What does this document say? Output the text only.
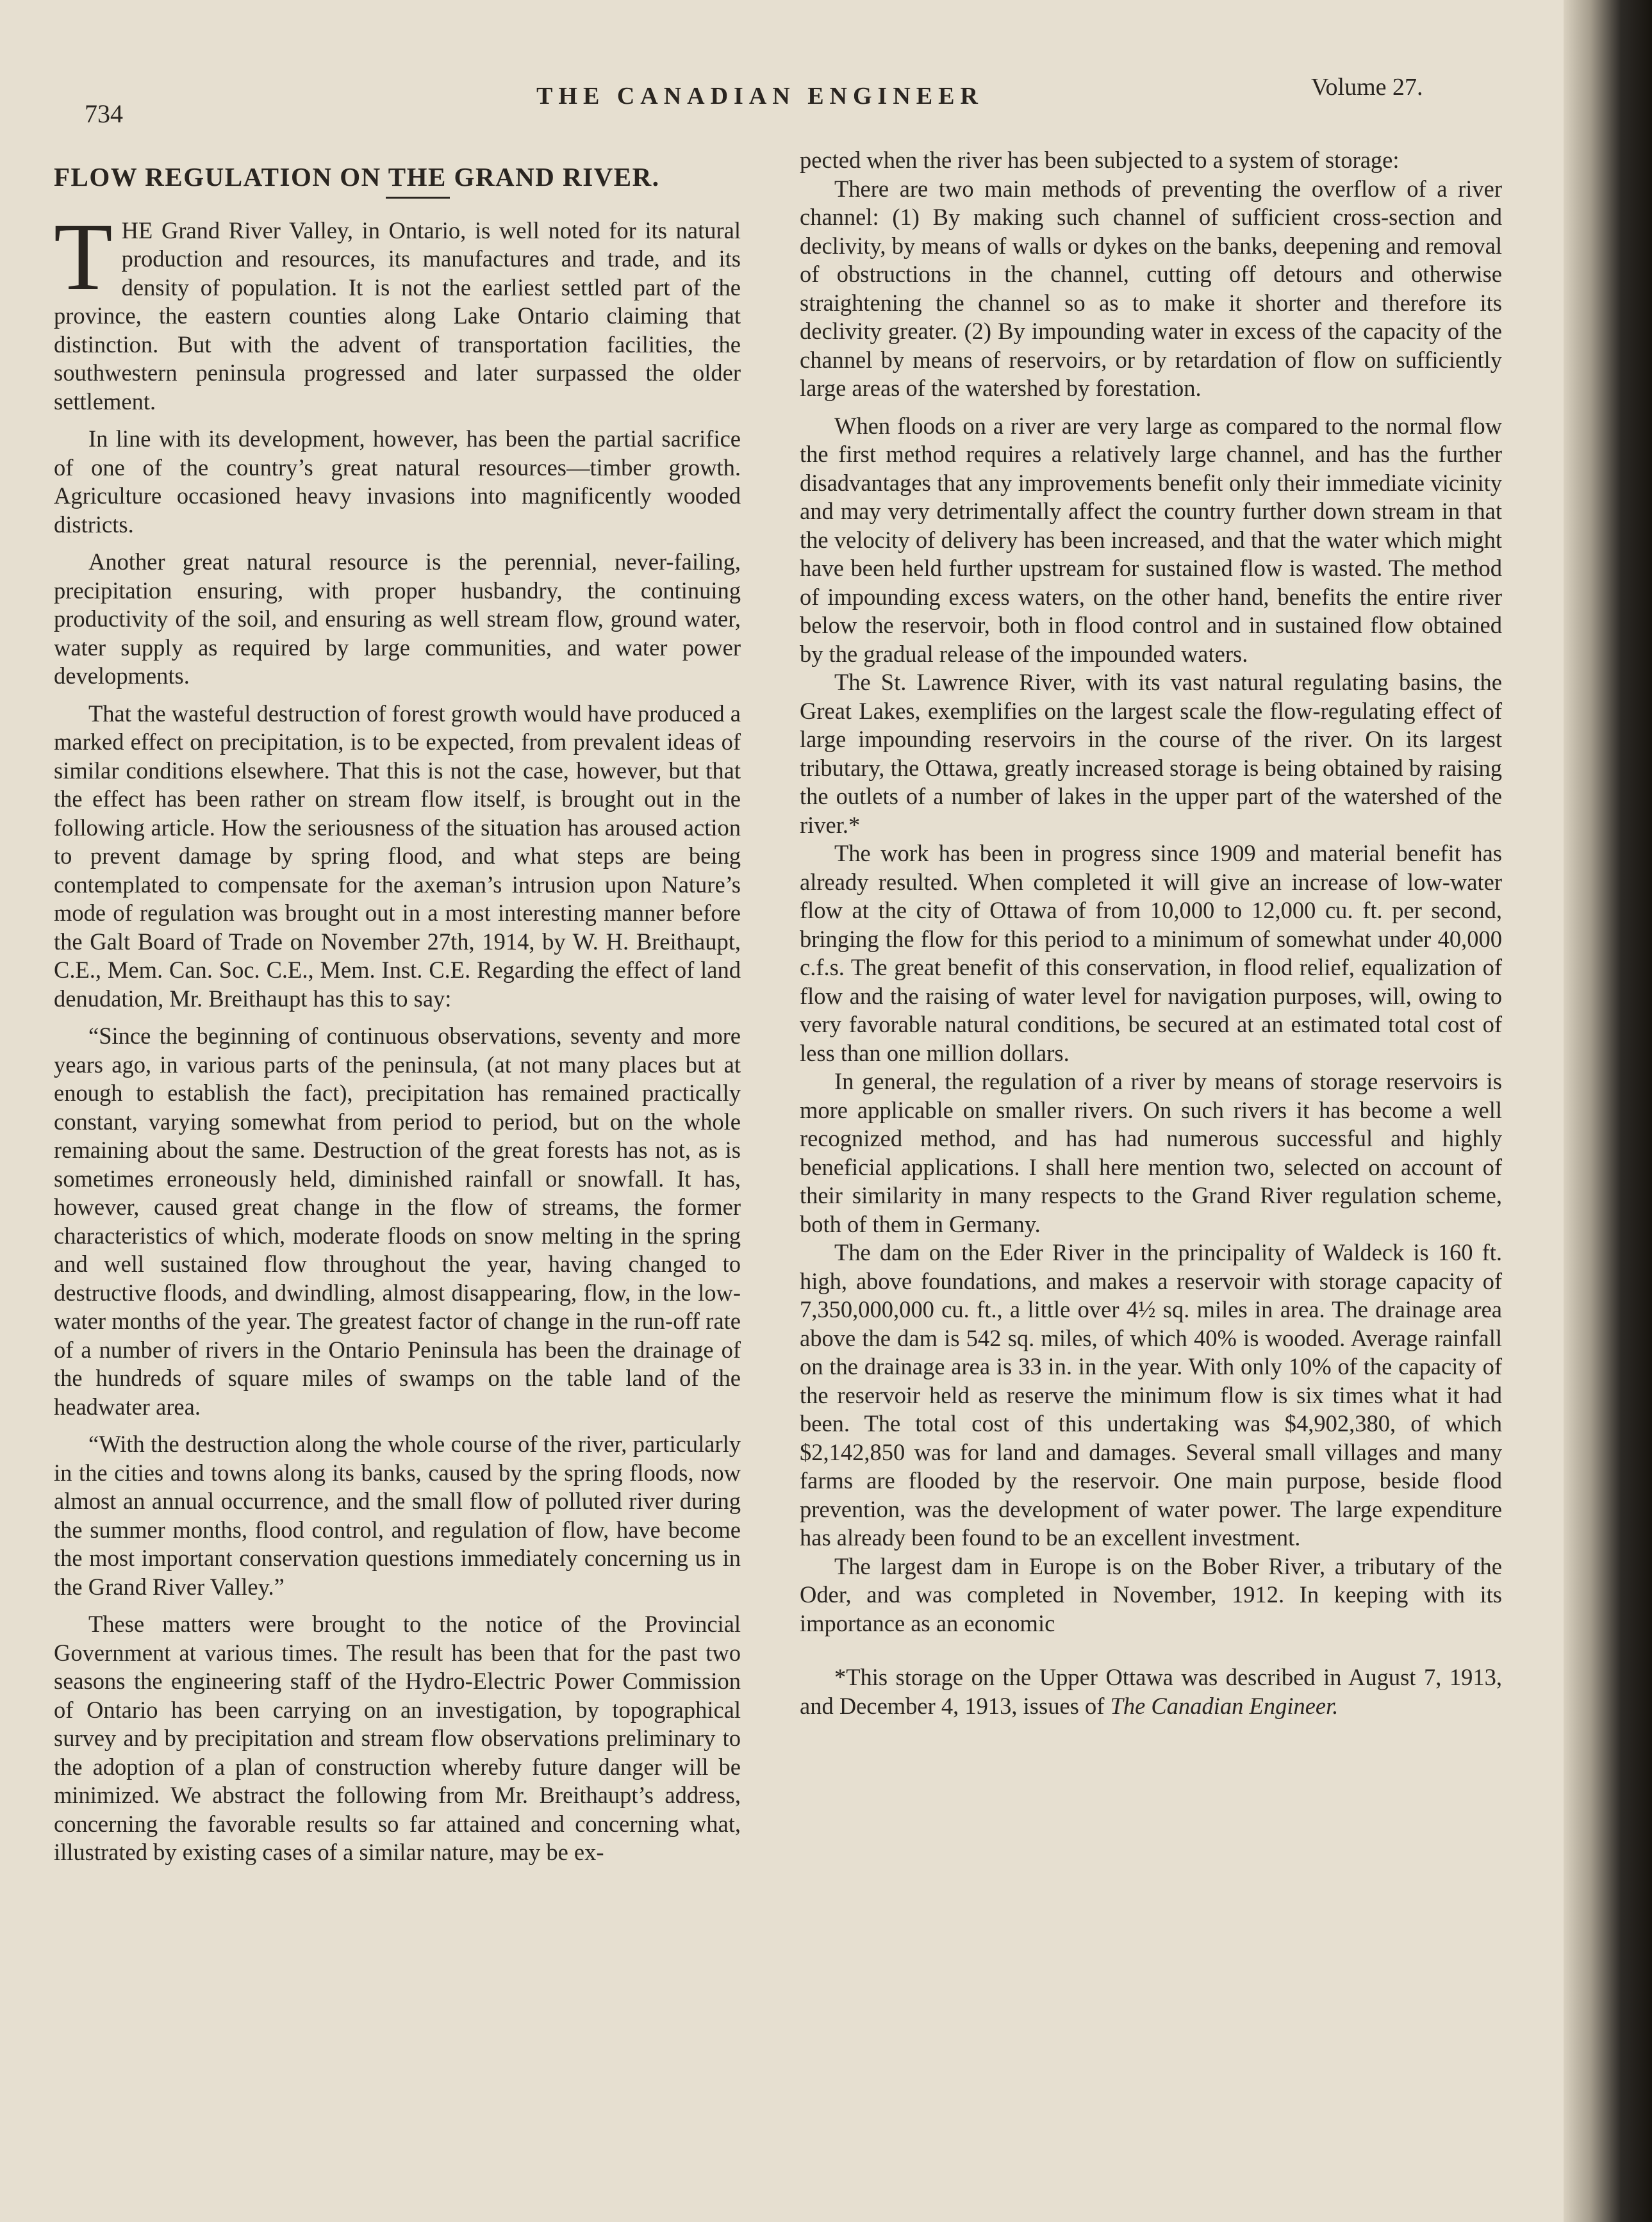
734
THE CANADIAN ENGINEER	Volume 27.
FLOW REGULATION ON THE GRAND RIVER.

THE Grand River Valley, in Ontario, is well noted for its natural production and resources, its manufactures and trade, and its density of population. It is not the earliest settled part of the province, the eastern counties along Lake Ontario claiming that distinction. But with the advent of transportation facilities, the southwestern peninsula progressed and later surpassed the older settlement.

In line with its development, however, has been the partial sacrifice of one of the country’s great natural resources—timber growth. Agriculture occasioned heavy invasions into magnificently wooded districts.

Another great natural resource is the perennial, never-failing, precipitation ensuring, with proper husbandry, the continuing productivity of the soil, and ensuring as well stream flow, ground water, water supply as required by large communities, and water power developments.

That the wasteful destruction of forest growth would have produced a marked effect on precipitation, is to be expected, from prevalent ideas of similar conditions elsewhere. That this is not the case, however, but that the effect has been rather on stream flow itself, is brought out in the following article. How the seriousness of the situation has aroused action to prevent damage by spring flood, and what steps are being contemplated to compensate for the axeman’s intrusion upon Nature’s mode of regulation was brought out in a most interesting manner before the Galt Board of Trade on November 27th, 1914, by W. H. Breithaupt, C.E., Mem. Can. Soc. C.E., Mem. Inst. C.E. Regarding the effect of land denudation, Mr. Breithaupt has this to say:

“Since the beginning of continuous observations, seventy and more years ago, in various parts of the peninsula, (at not many places but at enough to establish the fact), precipitation has remained practically constant, varying somewhat from period to period, but on the whole remaining about the same. Destruction of the great forests has not, as is sometimes erroneously held, diminished rainfall or snowfall. It has, however, caused great change in the flow of streams, the former characteristics of which, moderate floods on snow melting in the spring and well sustained flow throughout the year, having changed to destructive floods, and dwindling, almost disappearing, flow, in the low-water months of the year. The greatest factor of change in the run-off rate of a number of rivers in the Ontario Peninsula has been the drainage of the hundreds of square miles of swamps on the table land of the headwater area.

“With the destruction along the whole course of the river, particularly in the cities and towns along its banks, caused by the spring floods, now almost an annual occurrence, and the small flow of polluted river during the summer months, flood control, and regulation of flow, have become the most important conservation questions immediately concerning us in the Grand River Valley.”

These matters were brought to the notice of the Provincial Government at various times. The result has been that for the past two seasons the engineering staff of the Hydro-Electric Power Commission of Ontario has been carrying on an investigation, by topographical survey and by precipitation and stream flow observations preliminary to the adoption of a plan of construction whereby future danger will be minimized. We abstract the following from Mr. Breithaupt’s address, concerning the favorable results so far attained and concerning what, illustrated by existing cases of a similar nature, may be ex-

pected when the river has been subjected to a system of storage:

There are two main methods of preventing the overflow of a river channel: (1) By making such channel of sufficient cross-section and declivity, by means of walls or dykes on the banks, deepening and removal of obstructions in the channel, cutting off detours and otherwise straightening the channel so as to make it shorter and therefore its declivity greater. (2) By impounding water in excess of the capacity of the channel by means of reservoirs, or by retardation of flow on sufficiently large areas of the watershed by forestation.

When floods on a river are very large as compared to the normal flow the first method requires a relatively large channel, and has the further disadvantages that any improvements benefit only their immediate vicinity and may very detrimentally affect the country further down stream in that the velocity of delivery has been increased, and that the water which might have been held further upstream for sustained flow is wasted. The method of impounding excess waters, on the other hand, benefits the entire river below the reservoir, both in flood control and in sustained flow obtained by the gradual release of the impounded waters.

The St. Lawrence River, with its vast natural regulating basins, the Great Lakes, exemplifies on the largest scale the flow-regulating effect of large impounding reservoirs in the course of the river. On its largest tributary, the Ottawa, greatly increased storage is being obtained by raising the outlets of a number of lakes in the upper part of the watershed of the river.*

The work has been in progress since 1909 and material benefit has already resulted. When completed it will give an increase of low-water flow at the city of Ottawa of from 10,000 to 12,000 cu. ft. per second, bringing the flow for this period to a minimum of somewhat under 40,000 c.f.s. The great benefit of this conservation, in flood relief, equalization of flow and the raising of water level for navigation purposes, will, owing to very favorable natural conditions, be secured at an estimated total cost of less than one million dollars.

In general, the regulation of a river by means of storage reservoirs is more applicable on smaller rivers. On such rivers it has become a well recognized method, and has had numerous successful and highly beneficial applications. I shall here mention two, selected on account of their similarity in many respects to the Grand River regulation scheme, both of them in Germany.

The dam on the Eder River in the principality of Waldeck is 160 ft. high, above foundations, and makes a reservoir with storage capacity of 7,350,000,000 cu. ft., a little over 4½ sq. miles in area. The drainage area above the dam is 542 sq. miles, of which 40% is wooded. Average rainfall on the drainage area is 33 in. in the year. With only 10% of the capacity of the reservoir held as reserve the minimum flow is six times what it had been. The total cost of this undertaking was $4,902,380, of which $2,142,850 was for land and damages. Several small villages and many farms are flooded by the reservoir. One main purpose, beside flood prevention, was the development of water power. The large expenditure has already been found to be an excellent investment.

The largest dam in Europe is on the Bober River, a tributary of the Oder, and was completed in November, 1912. In keeping with its importance as an economic

*This storage on the Upper Ottawa was described in August 7, 1913, and December 4, 1913, issues of The Canadian Engineer.
